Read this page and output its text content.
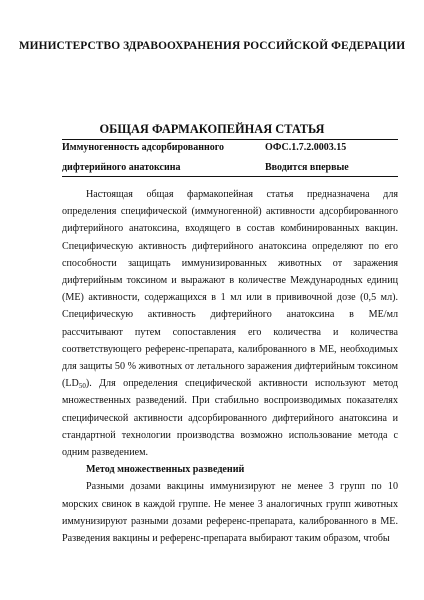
МИНИСТЕРСТВО ЗДРАВООХРАНЕНИЯ РОССИЙСКОЙ ФЕДЕРАЦИИ
ОБЩАЯ ФАРМАКОПЕЙНАЯ СТАТЬЯ
Иммуногенность адсорбированного
дифтерийного анатоксина
ОФС.1.7.2.0003.15
Вводится впервые

Настоящая общая фармакопейная статья предназначена для определения специфической (иммуногенной) активности адсорбированного дифтерийного анатоксина, входящего в состав комбинированных вакцин. Специфическую активность дифтерийного анатоксина определяют по его способности защищать иммунизированных животных от заражения дифтерийным токсином и выражают в количестве Международных единиц (МЕ) активности, содержащихся в 1 мл или в прививочной дозе (0,5 мл). Специфическую активность дифтерийного анатоксина в МЕ/мл рассчитывают путем сопоставления его количества и количества соответствующего референс-препарата, калиброванного в МЕ, необходимых для защиты 50 % животных от летального заражения дифтерийным токсином $(LD_{50})$. Для определения специфической активности используют метод множественных разведений. При стабильно воспроизводимых показателях специфической активности адсорбированного дифтерийного анатоксина и стандартной технологии производства возможно использование метода с одним разведением.

Метод множественных разведений

Разными дозами вакцины иммунизируют не менее 3 групп по 10 морских свинок в каждой группе. Не менее 3 аналогичных групп животных иммунизируют разными дозами референс-препарата, калиброванного в МЕ. Разведения вакцины и референс-препарата выбирают таким образом, чтобы
